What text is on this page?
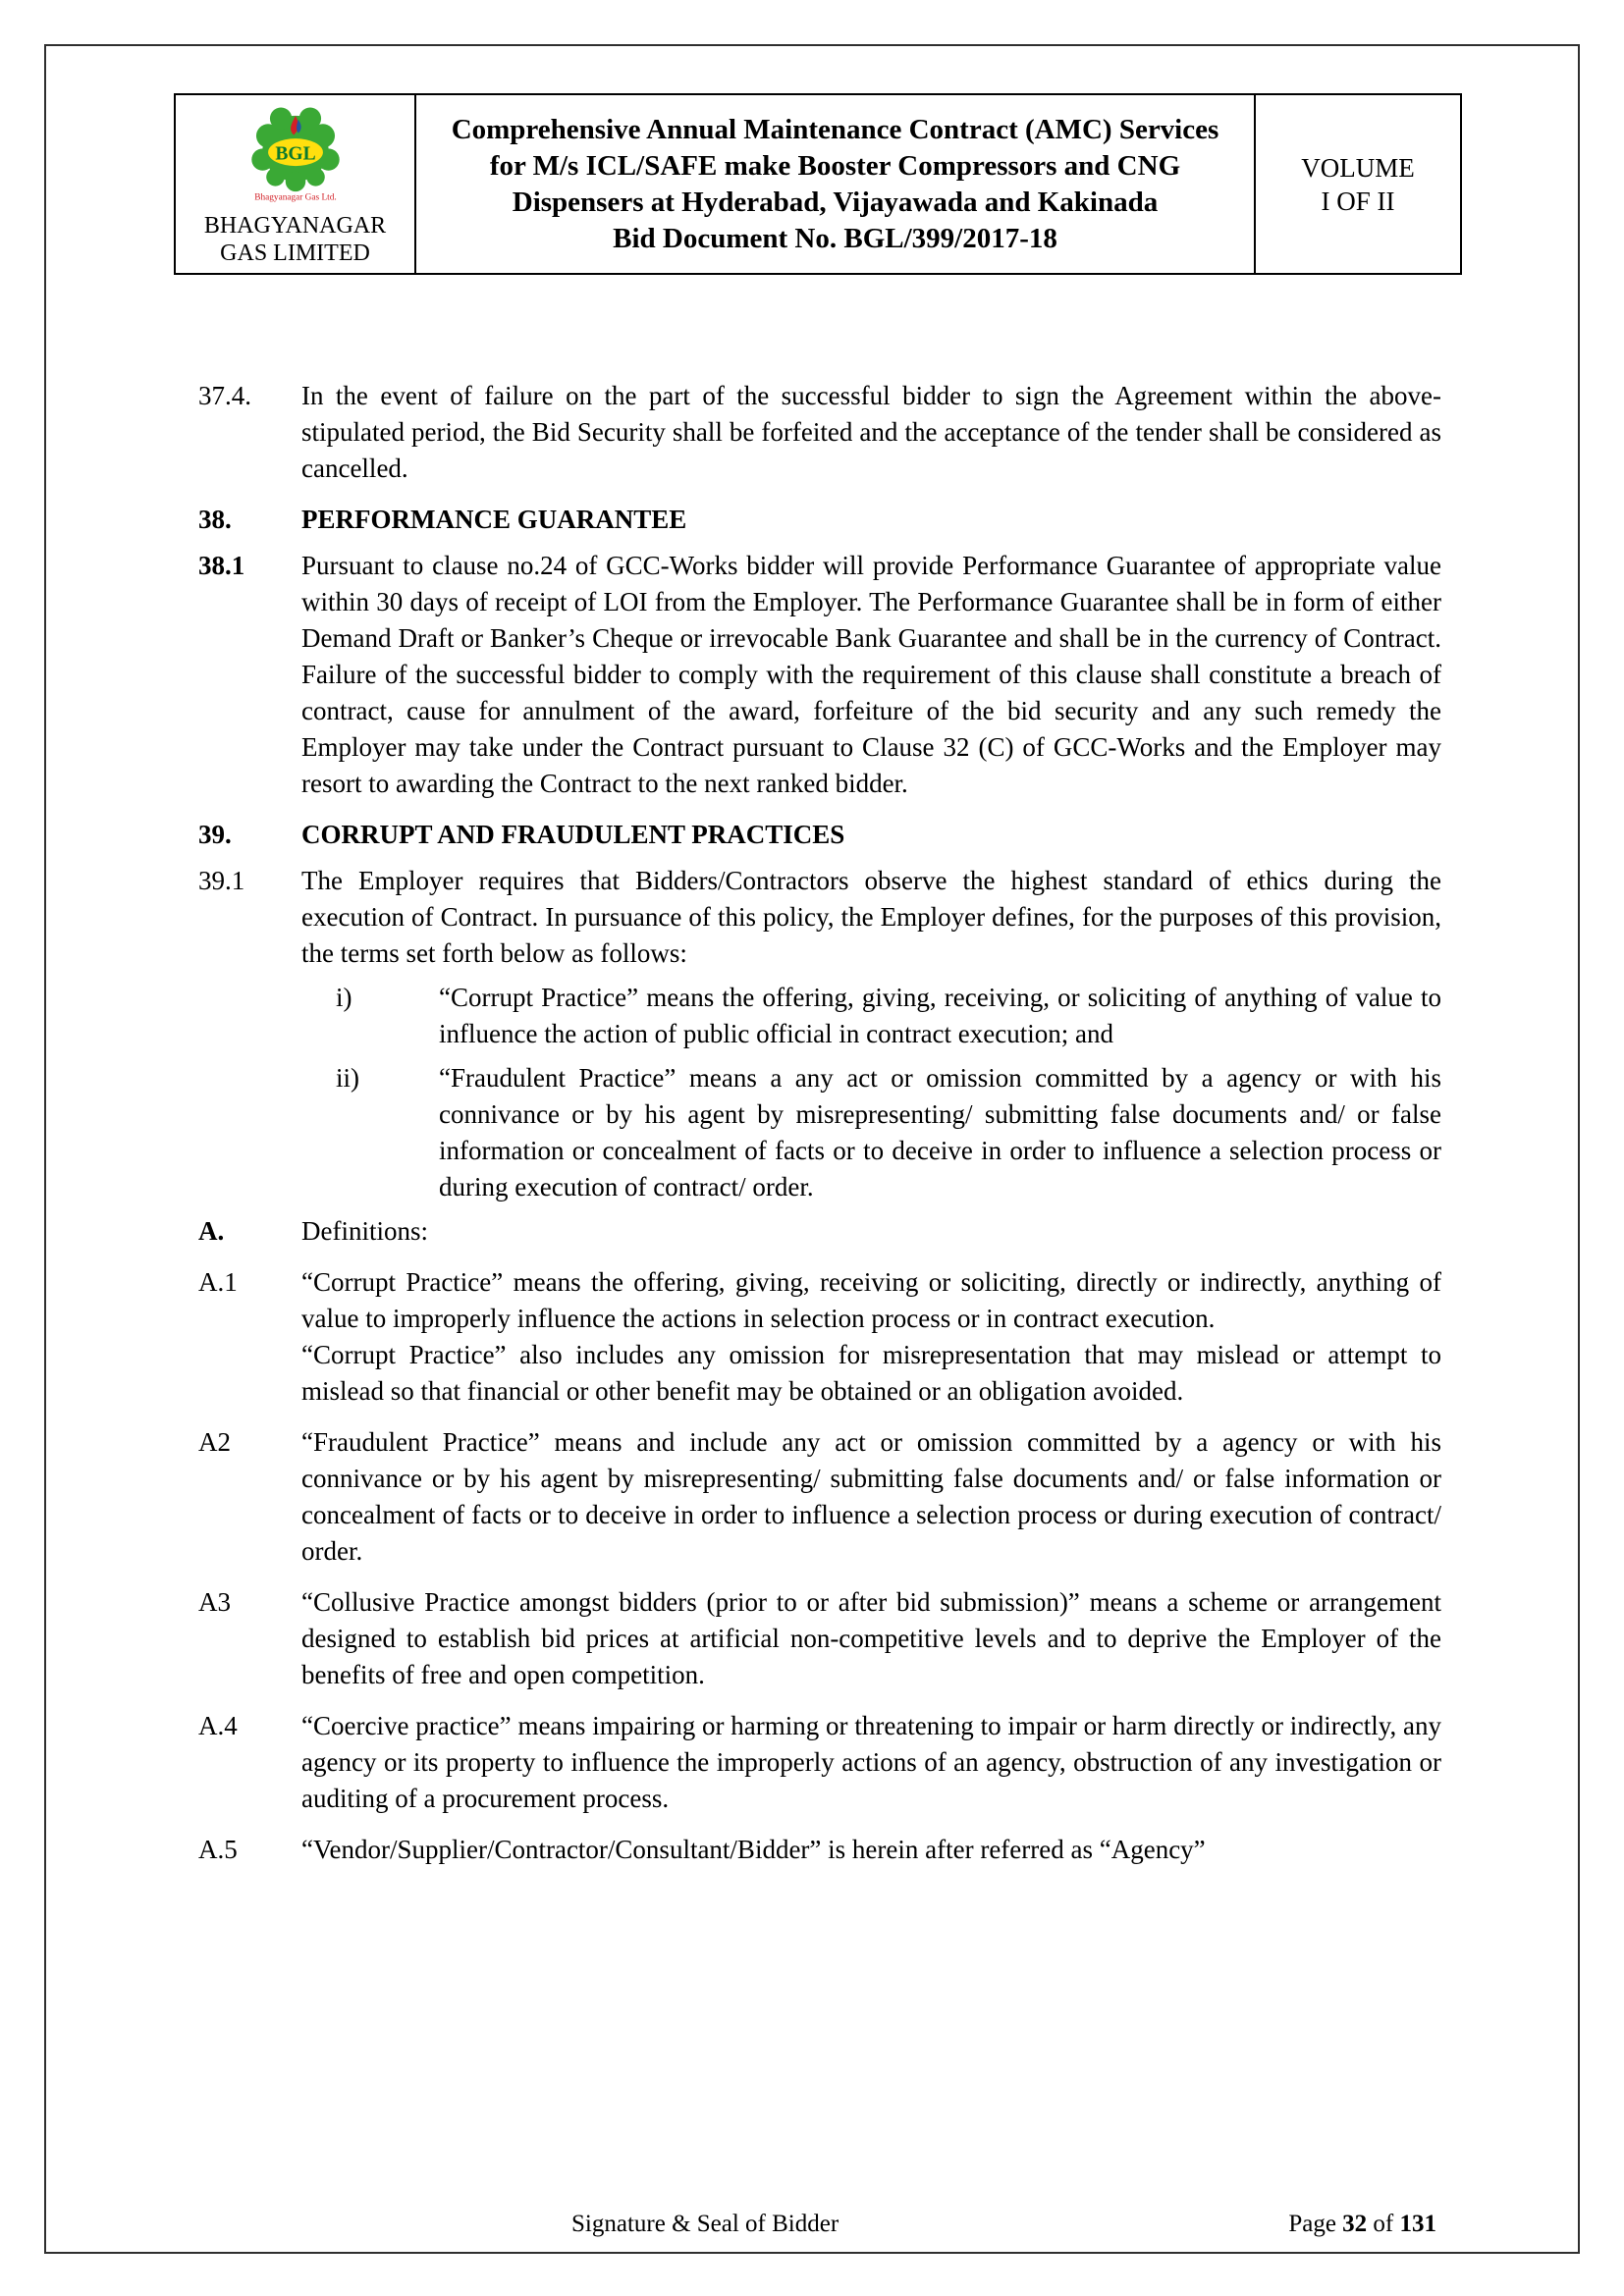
BGL
Bhagyanagar Gas Ltd.
BHAGYANAGAR
GAS LIMITED

Comprehensive Annual Maintenance Contract (AMC) Services for M/s ICL/SAFE make Booster Compressors and CNG Dispensers at Hyderabad, Vijayawada and Kakinada
Bid Document No. BGL/399/2017-18

VOLUME
I OF II
37.4.	In the event of failure on the part of the successful bidder to sign the Agreement within the above-stipulated period, the Bid Security shall be forfeited and the acceptance of the tender shall be considered as cancelled.
38.	PERFORMANCE GUARANTEE
38.1	Pursuant to clause no.24 of GCC-Works bidder will provide Performance Guarantee of appropriate value within 30 days of receipt of LOI from the Employer. The Performance Guarantee shall be in form of either Demand Draft or Banker’s Cheque or irrevocable Bank Guarantee and shall be in the currency of Contract. Failure of the successful bidder to comply with the requirement of this clause shall constitute a breach of contract, cause for annulment of the award, forfeiture of the bid security and any such remedy the Employer may take under the Contract pursuant to Clause 32 (C) of GCC-Works and the Employer may resort to awarding the Contract to the next ranked bidder.
39.	CORRUPT AND FRAUDULENT PRACTICES
39.1	The Employer requires that Bidders/Contractors observe the highest standard of ethics during the execution of Contract. In pursuance of this policy, the Employer defines, for the purposes of this provision, the terms set forth below as follows:
i)	“Corrupt Practice” means the offering, giving, receiving, or soliciting of anything of value to influence the action of public official in contract execution; and
ii)	“Fraudulent Practice” means a any act or omission committed by a agency or with his connivance or by his agent by misrepresenting/ submitting false documents and/ or false information or concealment of facts or to deceive in order to influence a selection process or during execution of contract/ order.
A.	Definitions:
A.1	“Corrupt Practice” means the offering, giving, receiving or soliciting, directly or indirectly, anything of value to improperly influence the actions in selection process or in contract execution.
“Corrupt Practice” also includes any omission for misrepresentation that may mislead or attempt to mislead so that financial or other benefit may be obtained or an obligation avoided.
A2	“Fraudulent Practice” means and include any act or omission committed by a agency or with his connivance or by his agent by misrepresenting/ submitting false documents and/ or false information or concealment of facts or to deceive in order to influence a selection process or during execution of contract/ order.
A3	“Collusive Practice amongst bidders (prior to or after bid submission)” means a scheme or arrangement designed to establish bid prices at artificial non-competitive levels and to deprive the Employer of the benefits of free and open competition.
A.4	“Coercive practice” means impairing or harming or threatening to impair or harm directly or indirectly, any agency or its property to influence the improperly actions of an agency, obstruction of any investigation or auditing of a procurement process.
A.5	“Vendor/Supplier/Contractor/Consultant/Bidder” is herein after referred as “Agency”
Signature & Seal of Bidder	Page 32 of 131
